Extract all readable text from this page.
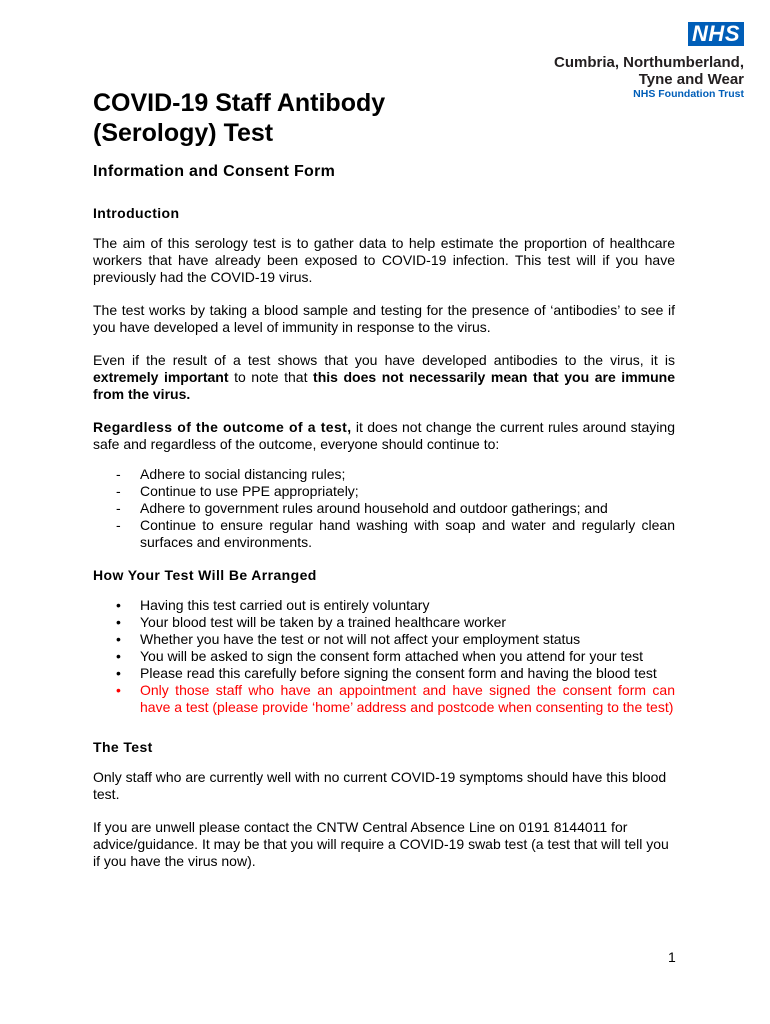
NHS
Cumbria, Northumberland,
Tyne and Wear
NHS Foundation Trust
COVID-19 Staff Antibody
(Serology) Test
Information and Consent Form
Introduction

The aim of this serology test is to gather data to help estimate the proportion of healthcare workers that have already been exposed to COVID-19 infection. This test will if you have previously had the COVID-19 virus.

The test works by taking a blood sample and testing for the presence of ‘antibodies’ to see if you have developed a level of immunity in response to the virus.

Even if the result of a test shows that you have developed antibodies to the virus, it is extremely important to note that this does not necessarily mean that you are immune from the virus.

Regardless of the outcome of a test, it does not change the current rules around staying safe and regardless of the outcome, everyone should continue to:

- Adhere to social distancing rules;
- Continue to use PPE appropriately;
- Adhere to government rules around household and outdoor gatherings; and
- Continue to ensure regular hand washing with soap and water and regularly clean surfaces and environments.
How Your Test Will Be Arranged
• Having this test carried out is entirely voluntary
• Your blood test will be taken by a trained healthcare worker
• Whether you have the test or not will not affect your employment status
• You will be asked to sign the consent form attached when you attend for your test
• Please read this carefully before signing the consent form and having the blood test
• Only those staff who have an appointment and have signed the consent form can have a test (please provide ‘home’ address and postcode when consenting to the test)
The Test

Only staff who are currently well with no current COVID-19 symptoms should have this blood test.

If you are unwell please contact the CNTW Central Absence Line on 0191 8144011 for advice/guidance. It may be that you will require a COVID-19 swab test (a test that will tell you if you have the virus now).

1
